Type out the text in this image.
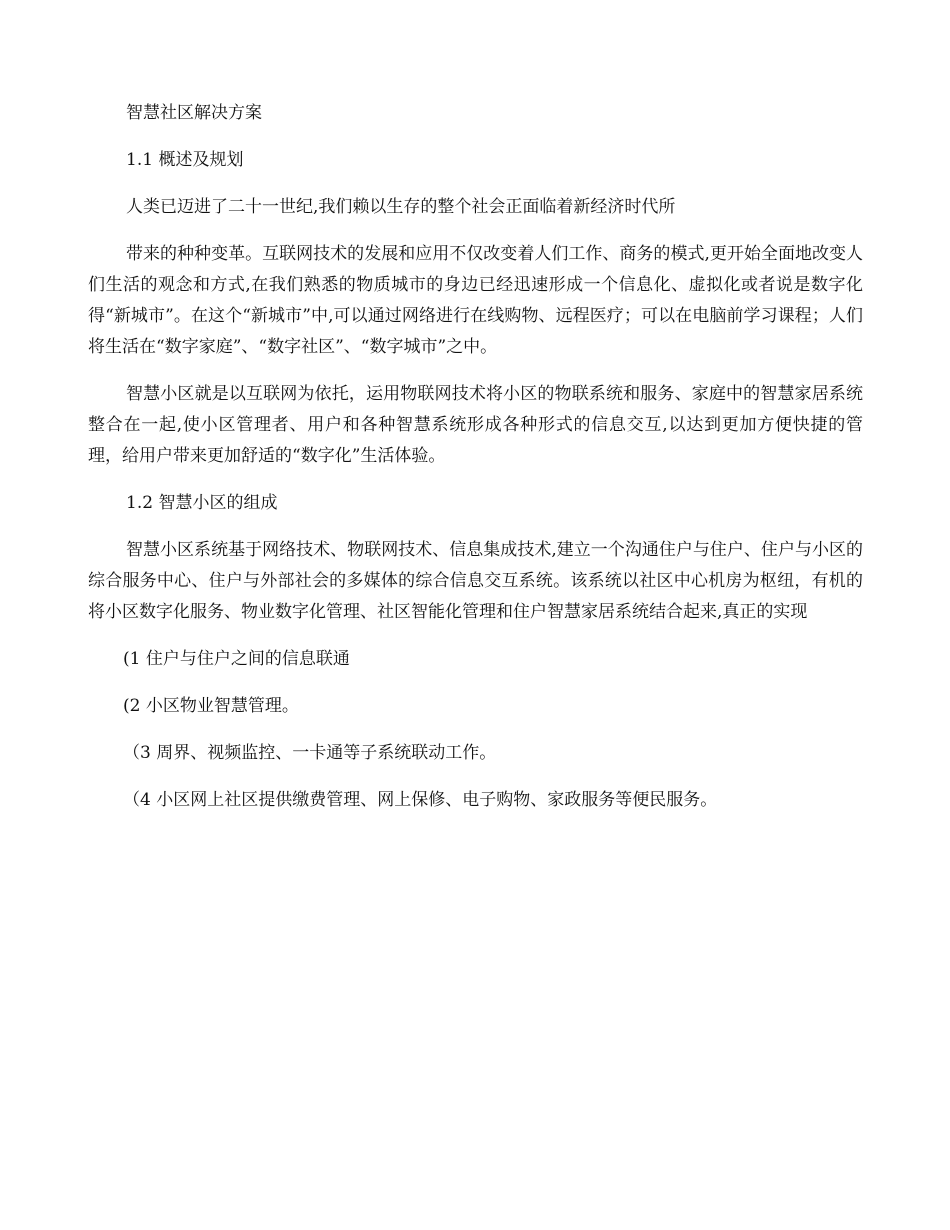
智慧社区解决方案

1.1 概述及规划

人类已迈进了二十一世纪,我们赖以生存的整个社会正面临着新经济时代所

带来的种种变革。互联网技术的发展和应用不仅改变着人们工作、商务的模式,更开始全面地改变人们生活的观念和方式,在我们熟悉的物质城市的身边已经迅速形成一个信息化、虚拟化或者说是数字化得“新城市”。在这个“新城市”中,可以通过网络进行在线购物、远程医疗；可以在电脑前学习课程；人们将生活在“数字家庭”、“数字社区”、“数字城市”之中。

智慧小区就是以互联网为依托，运用物联网技术将小区的物联系统和服务、家庭中的智慧家居系统整合在一起,使小区管理者、用户和各种智慧系统形成各种形式的信息交互,以达到更加方便快捷的管理，给用户带来更加舒适的“数字化”生活体验。

1.2 智慧小区的组成

智慧小区系统基于网络技术、物联网技术、信息集成技术,建立一个沟通住户与住户、住户与小区的综合服务中心、住户与外部社会的多媒体的综合信息交互系统。该系统以社区中心机房为枢纽，有机的将小区数字化服务、物业数字化管理、社区智能化管理和住户智慧家居系统结合起来,真正的实现

(1 住户与住户之间的信息联通

(2 小区物业智慧管理。

（3 周界、视频监控、一卡通等子系统联动工作。

（4 小区网上社区提供缴费管理、网上保修、电子购物、家政服务等便民服务。
